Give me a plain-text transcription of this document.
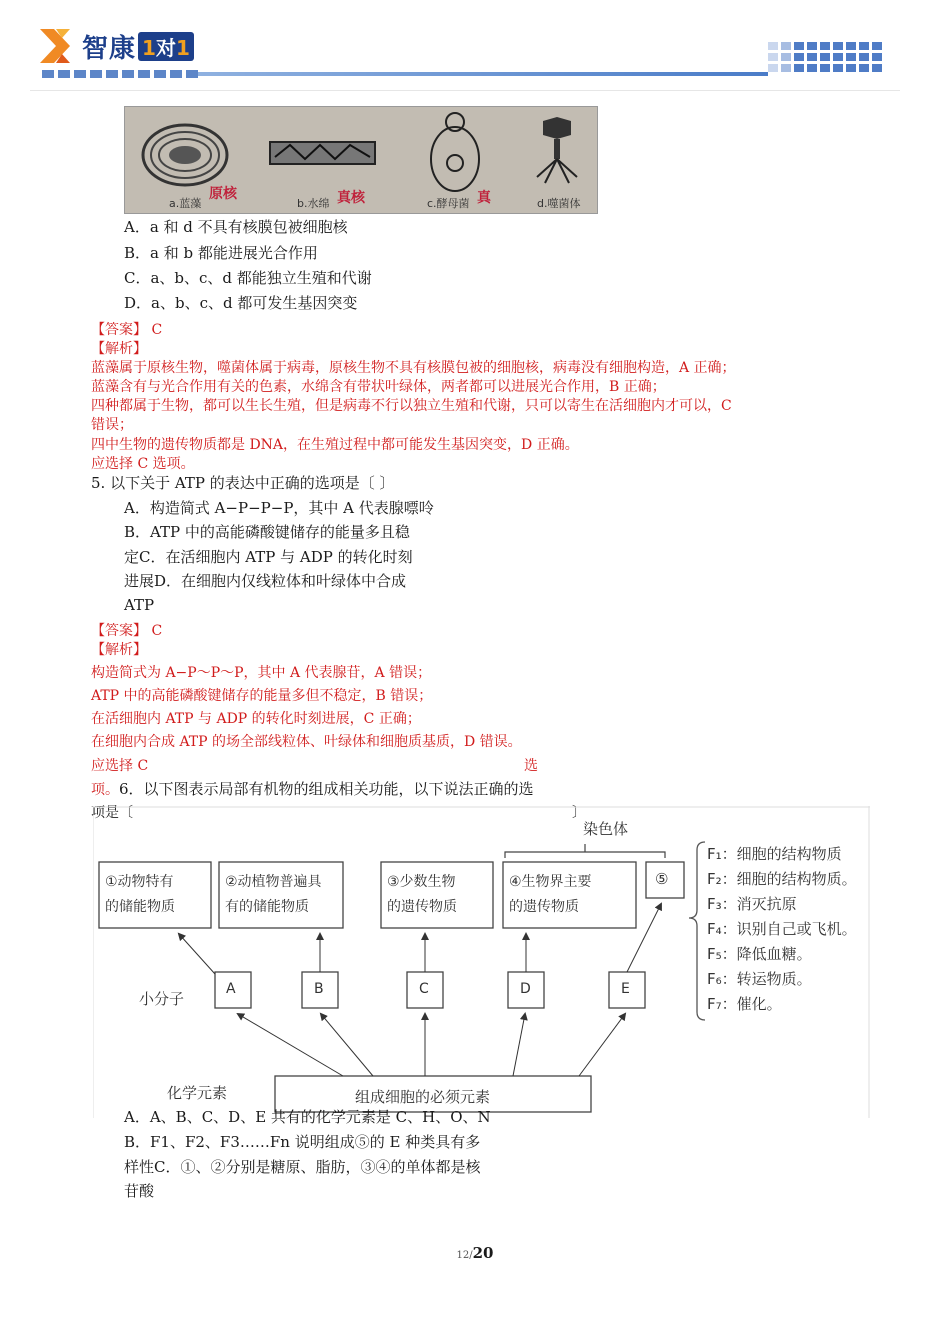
智康 1对1
a.蓝藻
原核
b.水绵 真核	c.酵母菌 真	d.噬菌体
A．a 和 d 不具有核膜包被细胞核
B．a 和 b 都能进展光合作用
C．a、b、c、d 都能独立生殖和代谢
D．a、b、c、d 都可发生基因突变
【答案】 C
【解析】
蓝藻属于原核生物，噬菌体属于病毒，原核生物不具有核膜包被的细胞核，病毒没有细胞构造，A 正确；
蓝藻含有与光合作用有关的色素，水绵含有带状叶绿体，两者都可以进展光合作用，B 正确；
四种都属于生物，都可以生长生殖，但是病毒不行以独立生殖和代谢，只可以寄生在活细胞内才可以，C
错误；
四中生物的遗传物质都是 DNA，在生殖过程中都可能发生基因突变，D 正确。
应选择 C 选项。
5. 以下关于 ATP 的表达中正确的选项是〔 〕
A．构造简式 A−P−P−P，其中 A 代表腺嘌呤
B．ATP 中的高能磷酸键储存的能量多且稳
定C．在活细胞内 ATP 与 ADP 的转化时刻
进展D．在细胞内仅线粒体和叶绿体中合成
ATP
【答案】 C
【解析】
构造简式为 A−P～P～P，其中 A 代表腺苷，A 错误；
ATP 中的高能磷酸键储存的能量多但不稳定，B 错误；
在活细胞内 ATP 与 ADP 的转化时刻进展，C 正确；
在细胞内合成 ATP 的场全部线粒体、叶绿体和细胞质基质，D 错误。
应选择 C	选
项。6．以下图表示局部有机物的组成相关功能，以下说法正确的选
项是〔	〕
染色体
①动物特有
的储能物质
②动植物普遍具
有的储能物质
③少数生物
的遗传物质
④生物界主要
的遗传物质
⑤
A	B	C	D	E
小分子
化学元素	组成细胞的必须元素
F₁：细胞的结构物质
F₂：细胞的结构物质。
F₃：消灭抗原
F₄：识别自己或飞机。
F₅：降低血糖。
F₆：转运物质。
F₇：催化。
A．A、B、C、D、E 共有的化学元素是 C、H、O、N
B．F1、F2、F3……Fn 说明组成⑤的 E 种类具有多
样性C．①、②分别是糖原、脂肪，③④的单体都是核
苷酸
12/20
